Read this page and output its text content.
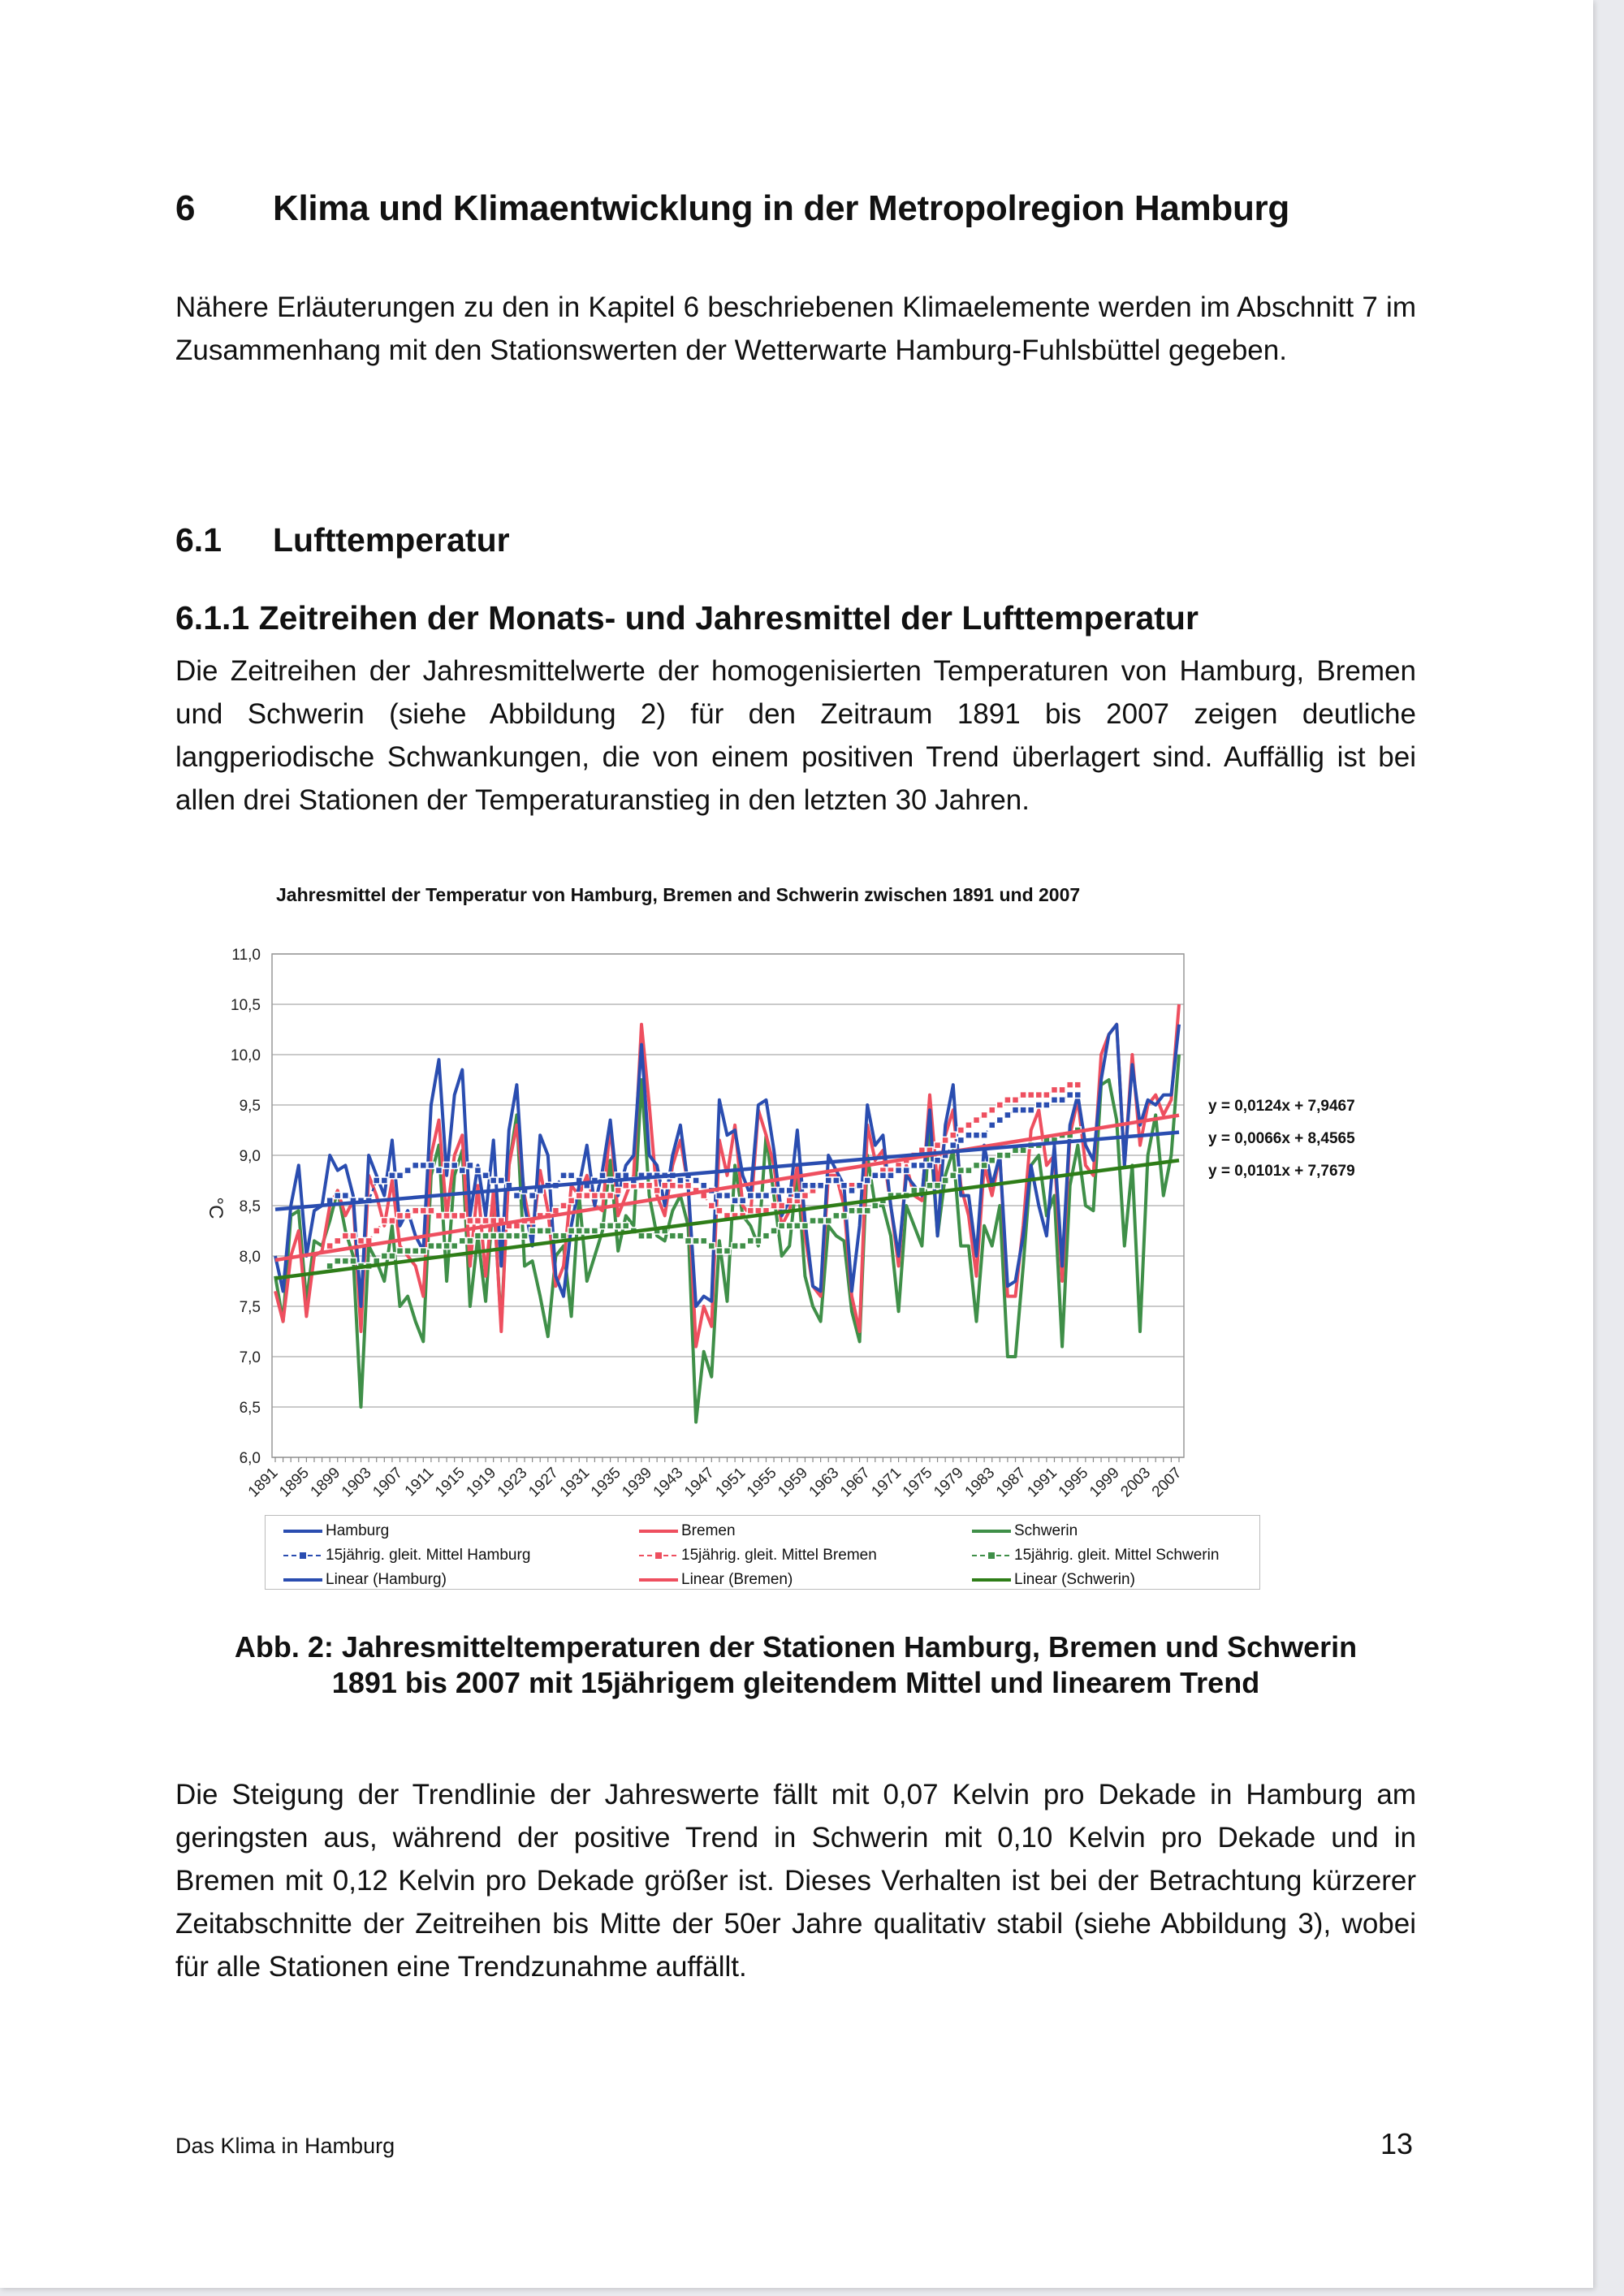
6 Klima und Klimaentwicklung in der Metropolregion Hamburg
Nähere Erläuterungen zu den in Kapitel 6 beschriebenen Klimaelemente werden im Abschnitt 7 im Zusammenhang mit den Stationswerten der Wetterwarte Hamburg-Fuhlsbüttel gegeben.
6.1 Lufttemperatur
6.1.1 Zeitreihen der Monats- und Jahresmittel der Lufttemperatur
Die Zeitreihen der Jahresmittelwerte der homogenisierten Temperaturen von Hamburg, Bremen und Schwerin (siehe Abbildung 2) für den Zeitraum 1891 bis 2007 zeigen deutliche langperiodische Schwankungen, die von einem positiven Trend überlagert sind. Auffällig ist bei allen drei Stationen der Temperaturanstieg in den letzten 30 Jahren.
Jahresmittel der Temperatur von Hamburg, Bremen and Schwerin zwischen 1891 und 2007
6,0
6,5
7,0
7,5
8,0
8,5
9,0
9,5
10,0
10,5
11,0
°C
1891
1895
1899
1903
1907
1911
1915
1919
1923
1927
1931
1935
1939
1943
1947
1951
1955
1959
1963
1967
1971
1975
1979
1983
1987
1991
1995
1999
2003
2007
y = 0,0124x + 7,9467
y = 0,0066x + 8,4565
y = 0,0101x + 7,7679
Hamburg	Bremen	Schwerin
15jährig. gleit. Mittel Hamburg	15jährig. gleit. Mittel Bremen	15jährig. gleit. Mittel Schwerin
Linear (Hamburg)	Linear (Bremen)	Linear (Schwerin)
Abb. 2: Jahresmitteltemperaturen der Stationen Hamburg, Bremen und Schwerin
1891 bis 2007 mit 15jährigem gleitendem Mittel und linearem Trend
Die Steigung der Trendlinie der Jahreswerte fällt mit 0,07 Kelvin pro Dekade in Hamburg am geringsten aus, während der positive Trend in Schwerin mit 0,10 Kelvin pro Dekade und in Bremen mit 0,12 Kelvin pro Dekade größer ist. Dieses Verhalten ist bei der Betrachtung kürzerer Zeitabschnitte der Zeitreihen bis Mitte der 50er Jahre qualitativ stabil (siehe Abbildung 3), wobei für alle Stationen eine Trendzunahme auffällt.
Das Klima in Hamburg	13
